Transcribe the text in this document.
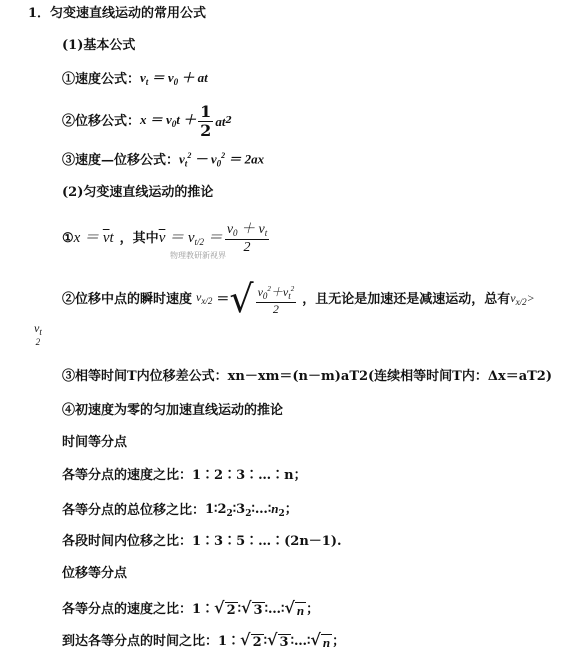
1．匀变速直线运动的常用公式
(1)基本公式
①速度公式： $v_t = v_0$ ＋ at
②位移公式： $x = v_0t + \frac{1}{2}$ at 2
③速度—位移公式： $v_t^2 - v_0^2 = 2ax$
(2)匀变速直线运动的推论
① $x = \overline{v}t$ ，其中 $\overline{v} = v_{t/2} = \frac{v_0 + v_t}{2}$
物理教研新视界
②位移中点的瞬时速度 $v_{x/2}$ ＝ √ $\frac{v_0^2+v_t^2}{2}$ ，且无论是加速还是减速运动，总有 $v_{x/2}>$
$v_t$
2
③相等时间T内位移差公式：xn－xm＝(n－m)aT2(连续相等时间T内：Δx＝aT2)
④初速度为零的匀加速直线运动的推论
时间等分点
各等分点的速度之比：1∶2∶3∶…∶n；
各等分点的总位移之比： $1∶2_2∶3_2∶\dots∶n_2$；
各段时间内位移之比：1∶3∶5∶…∶(2n－1).
位移等分点
各等分点的速度之比：1∶ √ 2 ∶ √ 3 ∶…∶ √ n ；
到达各等分点的时间之比：1∶ √ 2 ∶ √ 3 ∶…∶ √ n ；
